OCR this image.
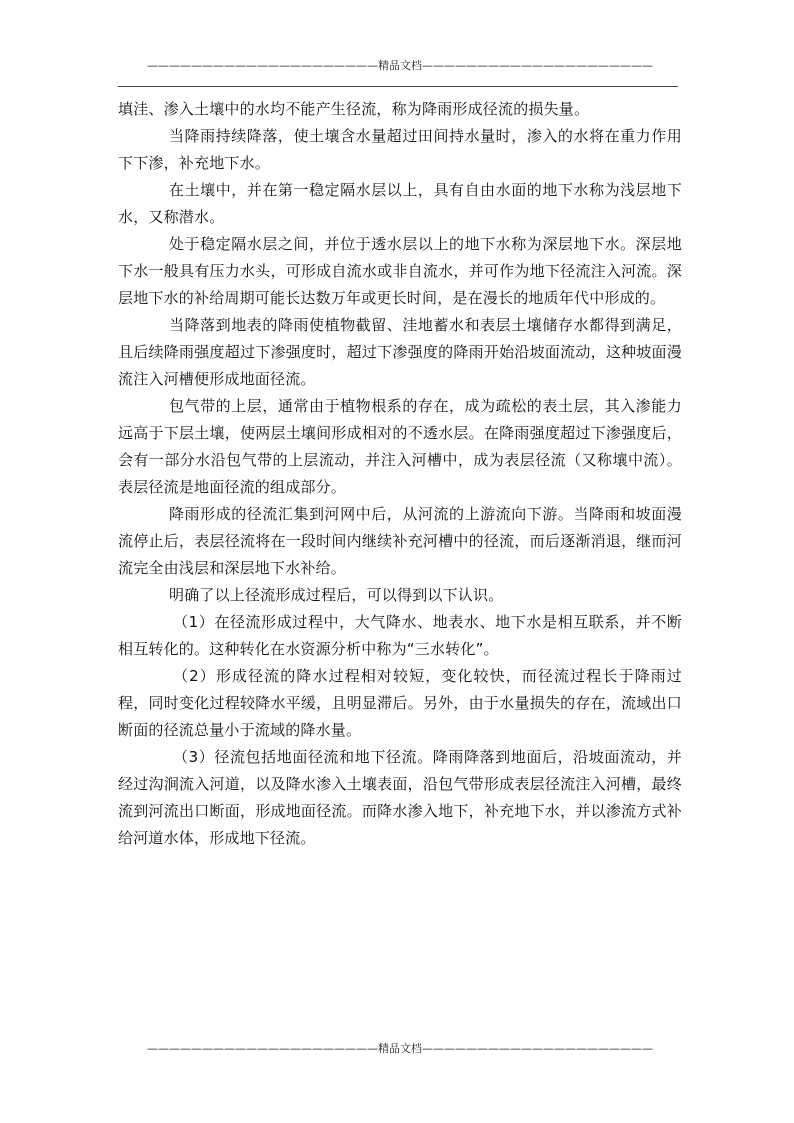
—————————————————————精品文档—————————————————————

填洼、渗入土壤中的水均不能产生径流，称为降雨形成径流的损失量。

当降雨持续降落，使土壤含水量超过田间持水量时，渗入的水将在重力作用下下渗，补充地下水。

在土壤中，并在第一稳定隔水层以上，具有自由水面的地下水称为浅层地下水，又称潜水。

处于稳定隔水层之间，并位于透水层以上的地下水称为深层地下水。深层地下水一般具有压力水头，可形成自流水或非自流水，并可作为地下径流注入河流。深层地下水的补给周期可能长达数万年或更长时间，是在漫长的地质年代中形成的。

当降落到地表的降雨使植物截留、洼地蓄水和表层土壤储存水都得到满足，且后续降雨强度超过下渗强度时，超过下渗强度的降雨开始沿坡面流动，这种坡面漫流注入河槽便形成地面径流。

包气带的上层，通常由于植物根系的存在，成为疏松的表土层，其入渗能力远高于下层土壤，使两层土壤间形成相对的不透水层。在降雨强度超过下渗强度后，会有一部分水沿包气带的上层流动，并注入河槽中，成为表层径流（又称壤中流）。表层径流是地面径流的组成部分。

降雨形成的径流汇集到河网中后，从河流的上游流向下游。当降雨和坡面漫流停止后，表层径流将在一段时间内继续补充河槽中的径流，而后逐渐消退，继而河流完全由浅层和深层地下水补给。

明确了以上径流形成过程后，可以得到以下认识。

（1）在径流形成过程中，大气降水、地表水、地下水是相互联系，并不断相互转化的。这种转化在水资源分析中称为“三水转化”。

（2）形成径流的降水过程相对较短，变化较快，而径流过程长于降雨过程，同时变化过程较降水平缓，且明显滞后。另外，由于水量损失的存在，流域出口断面的径流总量小于流域的降水量。

（3）径流包括地面径流和地下径流。降雨降落到地面后，沿坡面流动，并经过沟涧流入河道，以及降水渗入土壤表面，沿包气带形成表层径流注入河槽，最终流到河流出口断面，形成地面径流。而降水渗入地下，补充地下水，并以渗流方式补给河道水体，形成地下径流。

—————————————————————精品文档—————————————————————
